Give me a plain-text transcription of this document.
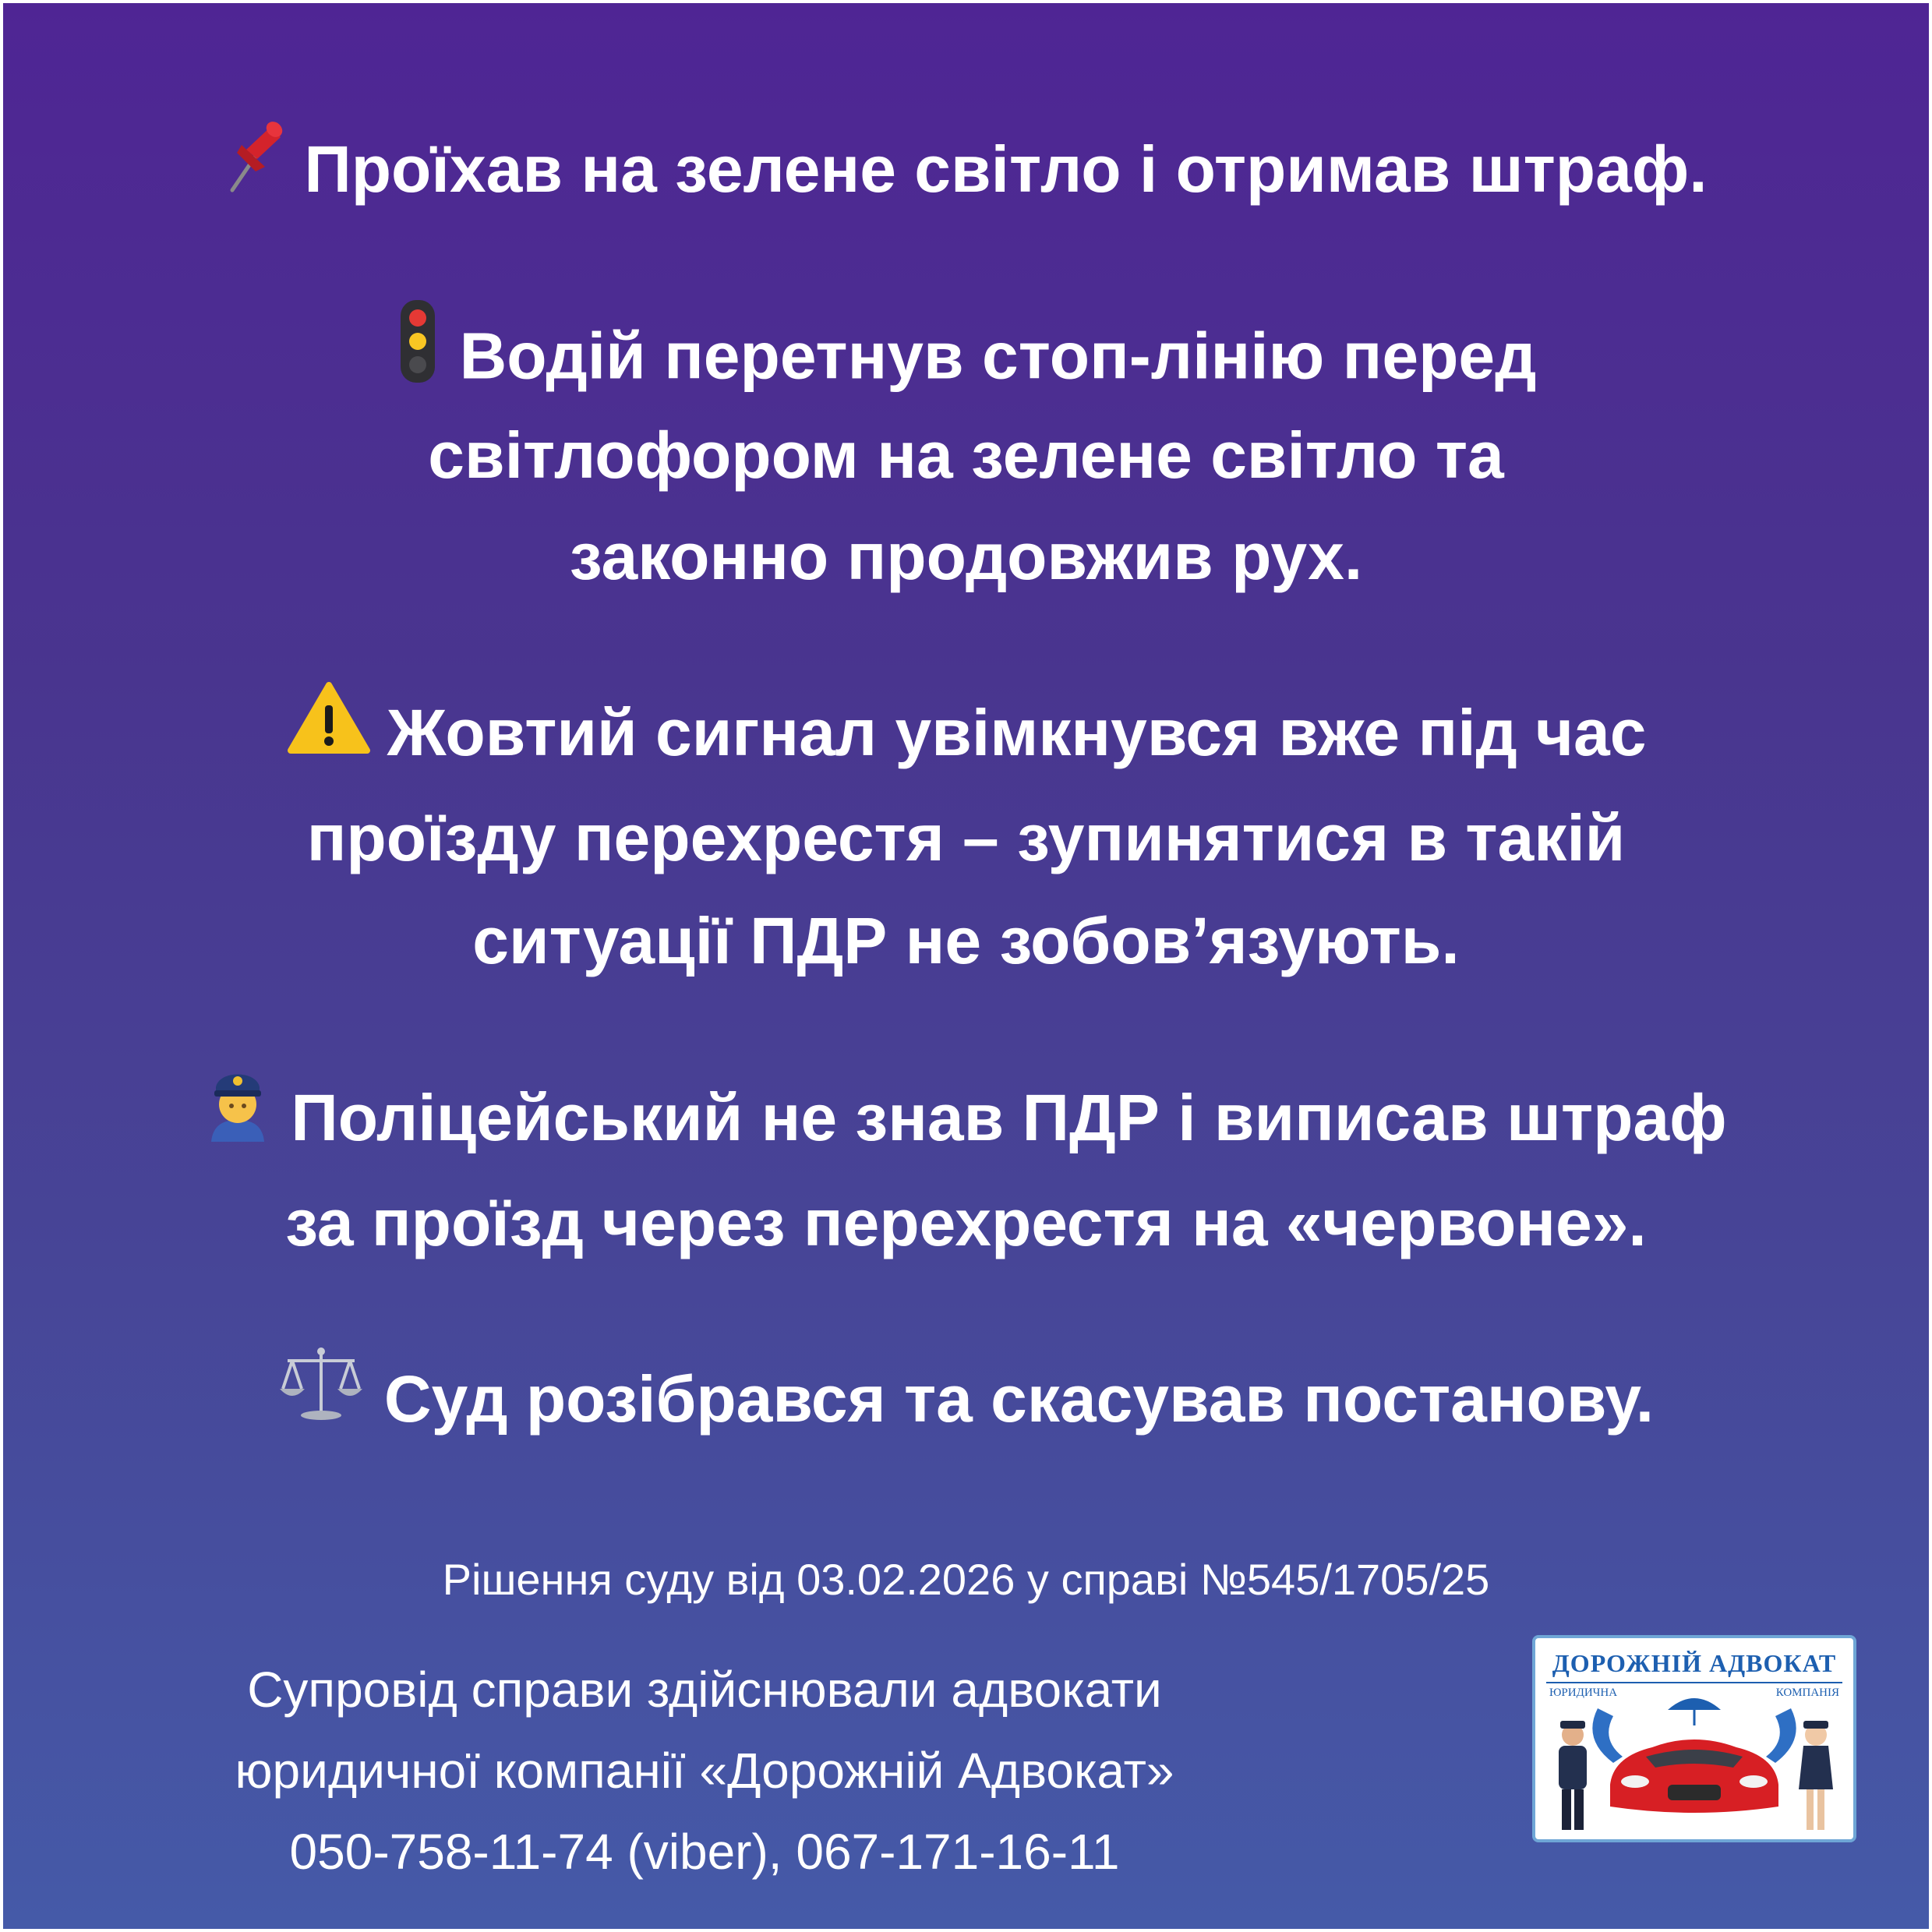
Проїхав на зелене світло і отримав штраф.
Водій перетнув стоп-лінію перед
світлофором на зелене світло та
законно продовжив рух.
Жовтий сигнал увімкнувся вже під час
проїзду перехрестя – зупинятися в такій
ситуації ПДР не зобов’язують.
Поліцейський не знав ПДР і виписав штраф
за проїзд через перехрестя на «червоне».
Суд розібрався та скасував постанову.
Рішення суду від 03.02.2026 у справі №545/1705/25
Супровід справи здійснювали адвокати
юридичної компанії «Дорожній Адвокат»
050-758-11-74 (viber), 067-171-16-11
ДОРОЖНІЙ АДВОКАТ
ЮРИДИЧНА	КОМПАНІЯ
